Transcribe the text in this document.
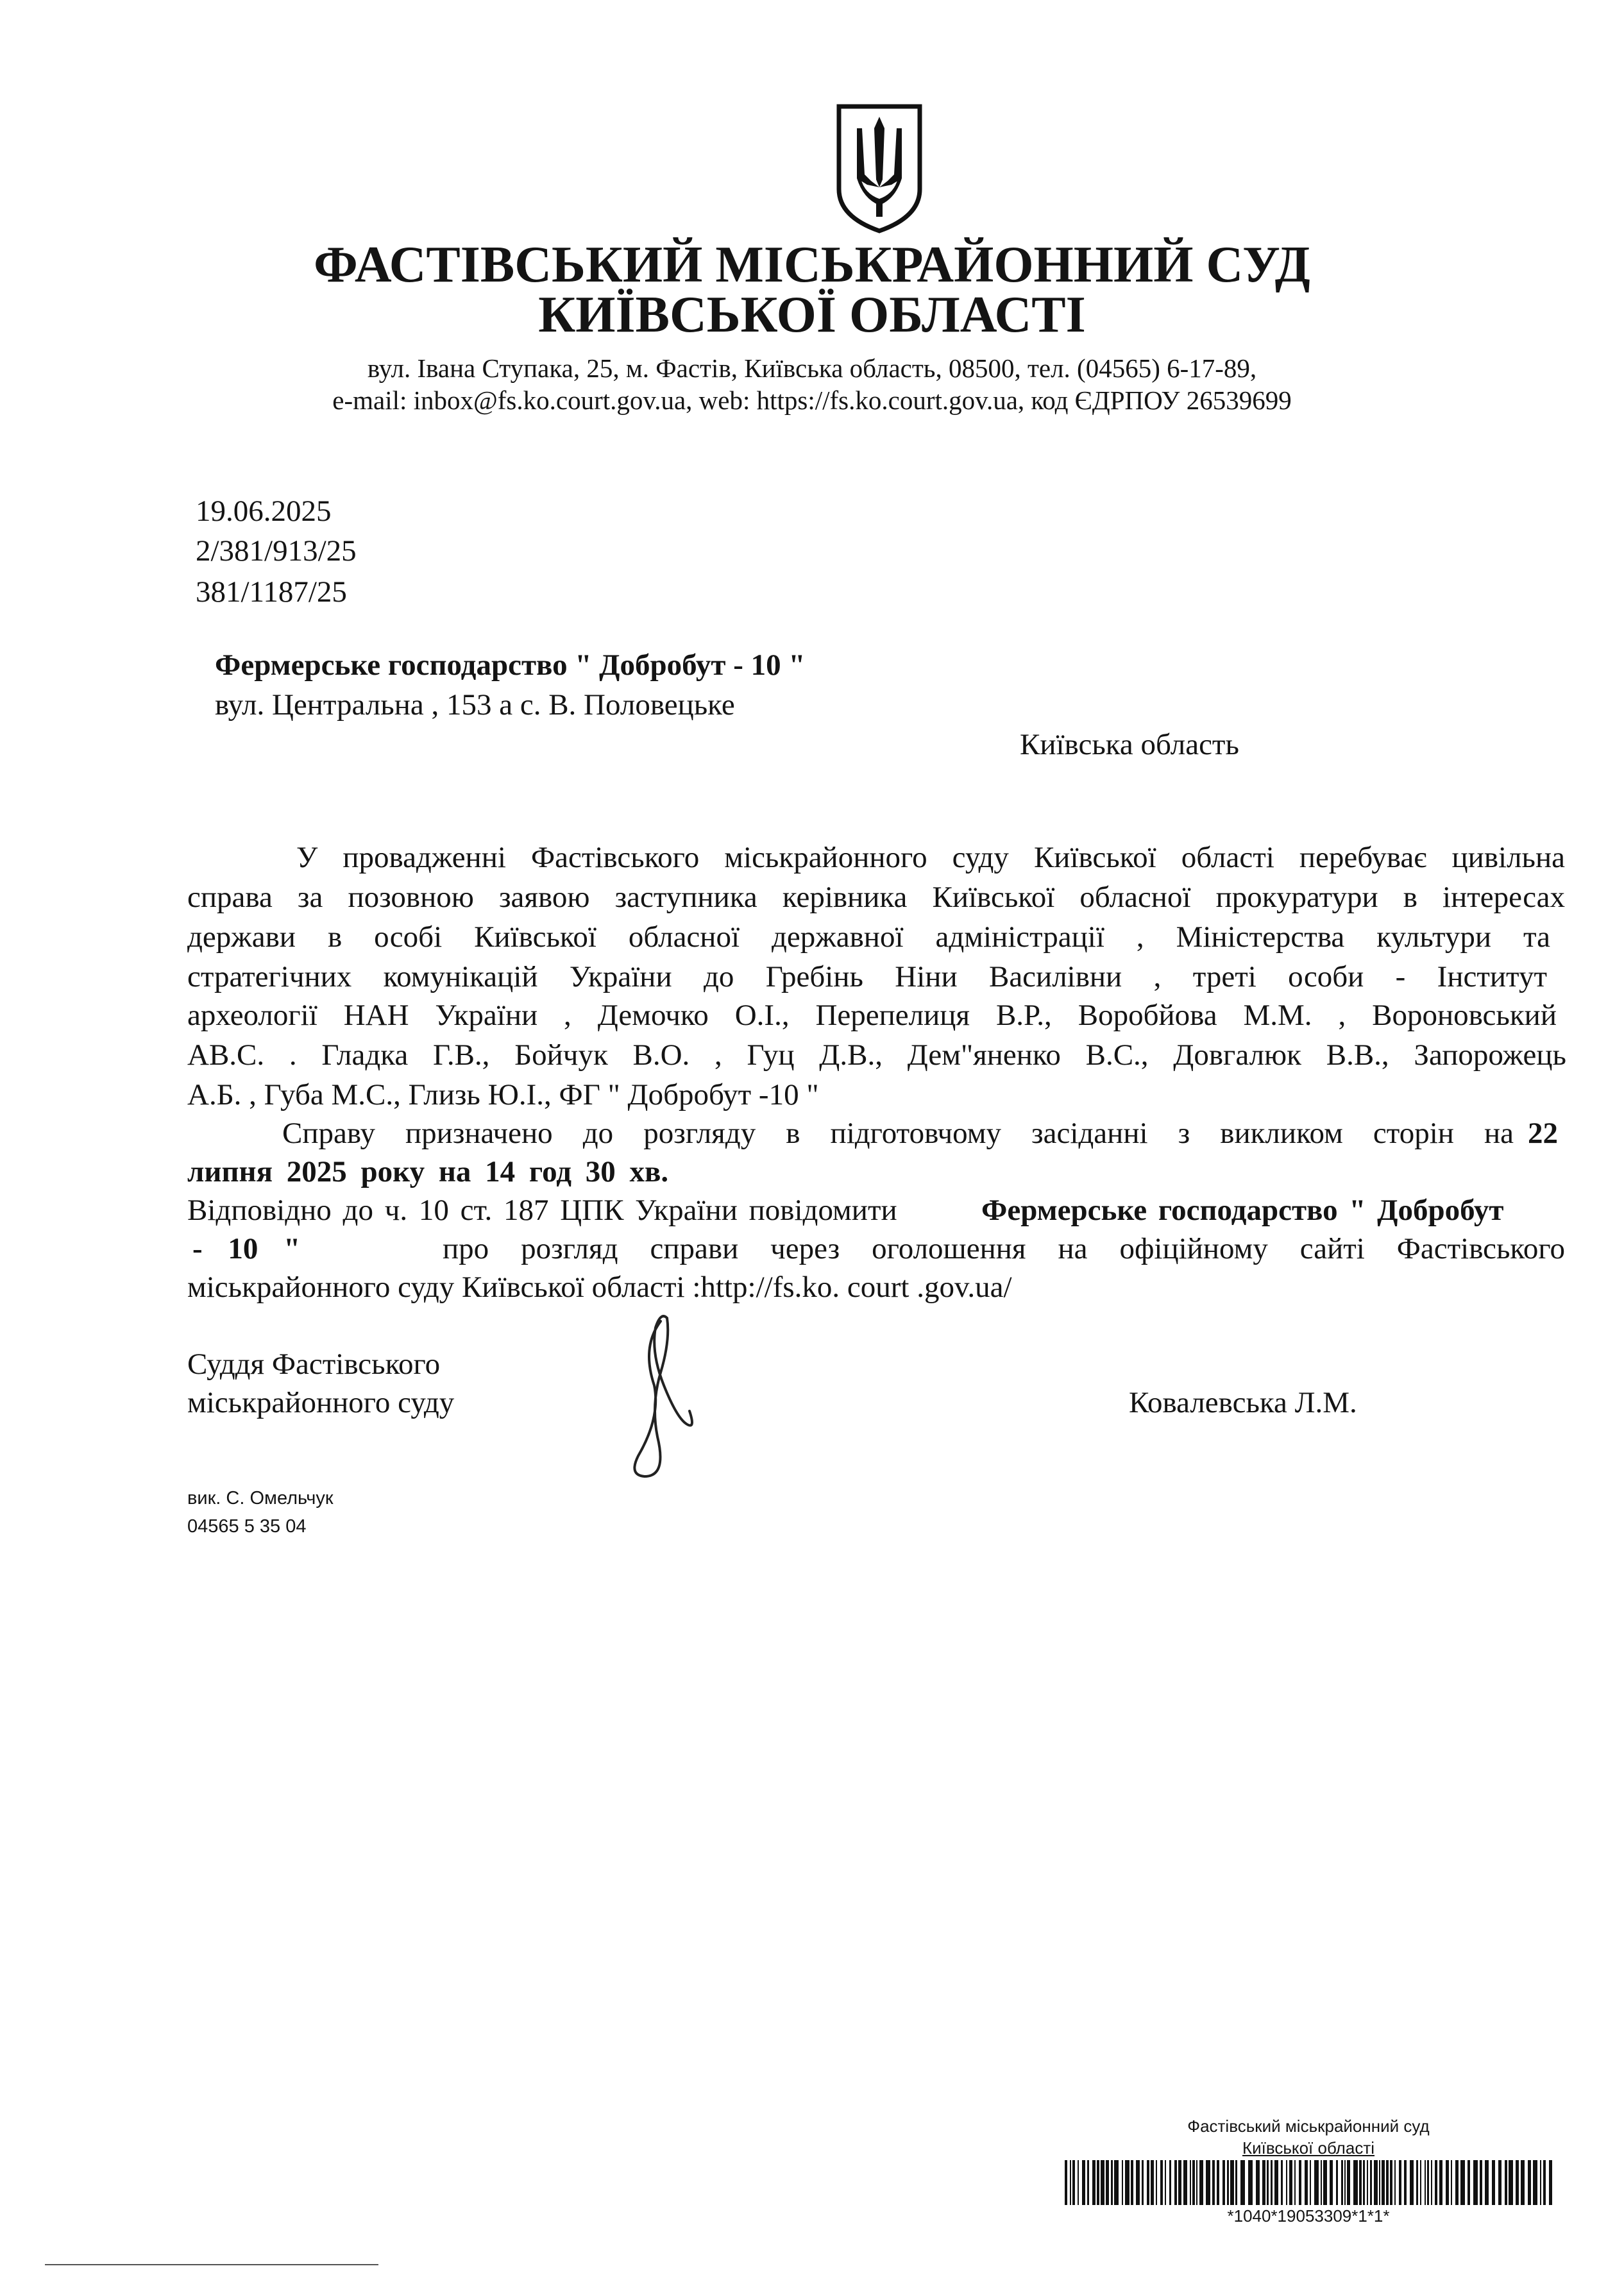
ФАСТІВСЬКИЙ МІСЬКРАЙОННИЙ СУД
КИЇВСЬКОЇ ОБЛАСТІ
вул. Івана Ступака, 25, м. Фастів, Київська область, 08500, тел. (04565) 6-17-89,
e-mail: inbox@fs.ko.court.gov.ua, web: https://fs.ko.court.gov.ua, код ЄДРПОУ 26539699
19.06.2025
2/381/913/25
381/1187/25
Фермерське господарство " Добробут - 10 "
вул. Центральна , 153 а с. В. Половецьке
Київська область
У провадженні Фастівського міськрайонного суду Київської області перебуває цивільна
справа за позовною заявою заступника керівника Київської обласної прокуратури в інтересах
держави в особі Київської обласної державної адміністрації , Міністерства культури та
стратегічних комунікацій України до Гребінь Ніни Василівни , треті особи - Інститут
археології НАН України , Демочко О.І., Перепелиця В.Р., Воробйова М.М. , Вороновський
АВ.С. . Гладка Г.В., Бойчук В.О. , Гуц Д.В., Дем"яненко В.С., Довгалюк В.В., Запорожець
А.Б. , Губа М.С., Глизь Ю.І., ФГ " Добробут -10 "
Справу призначено до розгляду в підготовчому засіданні з викликом сторін на 22
липня 2025 року на 14 год 30 хв.
Відповідно до ч. 10 ст. 187 ЦПК України повідомити	Фермерське господарство " Добробут
- 10 "	про розгляд справи через оголошення на офіційному сайті Фастівського
міськрайонного суду Київської області :http://fs.ko. court .gov.ua/
Суддя Фастівського
міськрайонного суду	Ковалевська Л.М.
вик. С. Омельчук
04565 5 35 04
Фастівський міськрайонний суд
Київської області
*1040*19053309*1*1*
